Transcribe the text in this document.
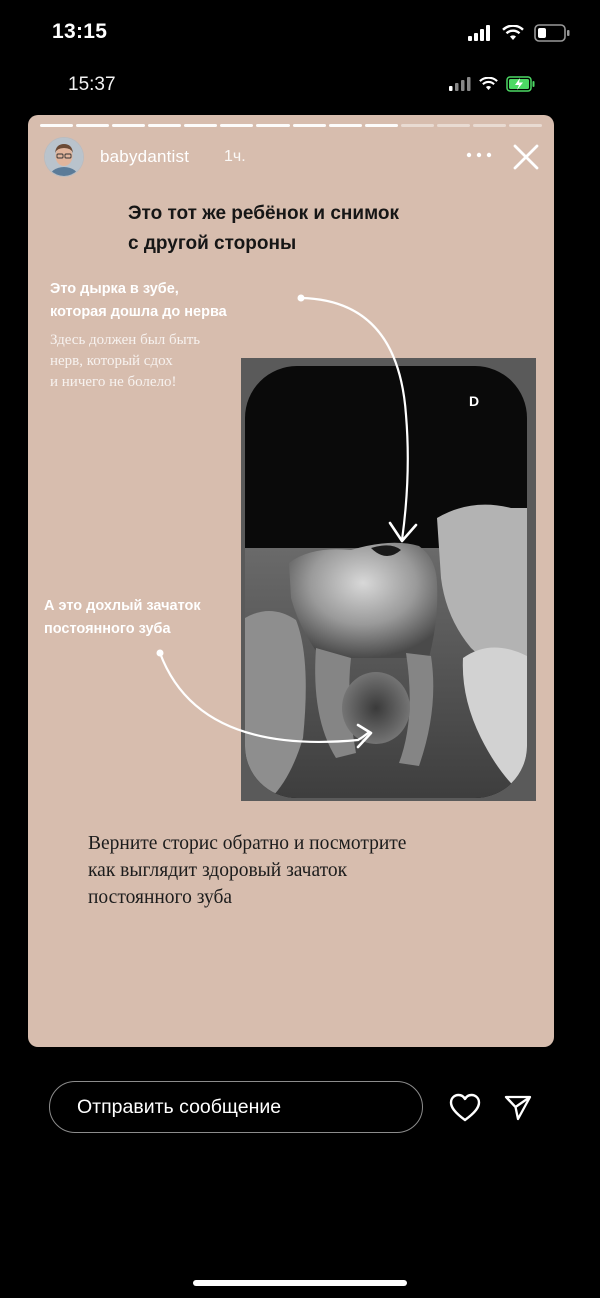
13:15
15:37
babydantist 1ч.
Это тот же ребёнок и снимок
с другой стороны
Это дырка в зубе,
которая дошла до нерва
Здесь должен был быть
нерв, который сдох
и ничего не болело!
D
А это дохлый зачаток
постоянного зуба
Верните сторис обратно и посмотрите
как выглядит здоровый зачаток
постоянного зуба
Отправить сообщение
